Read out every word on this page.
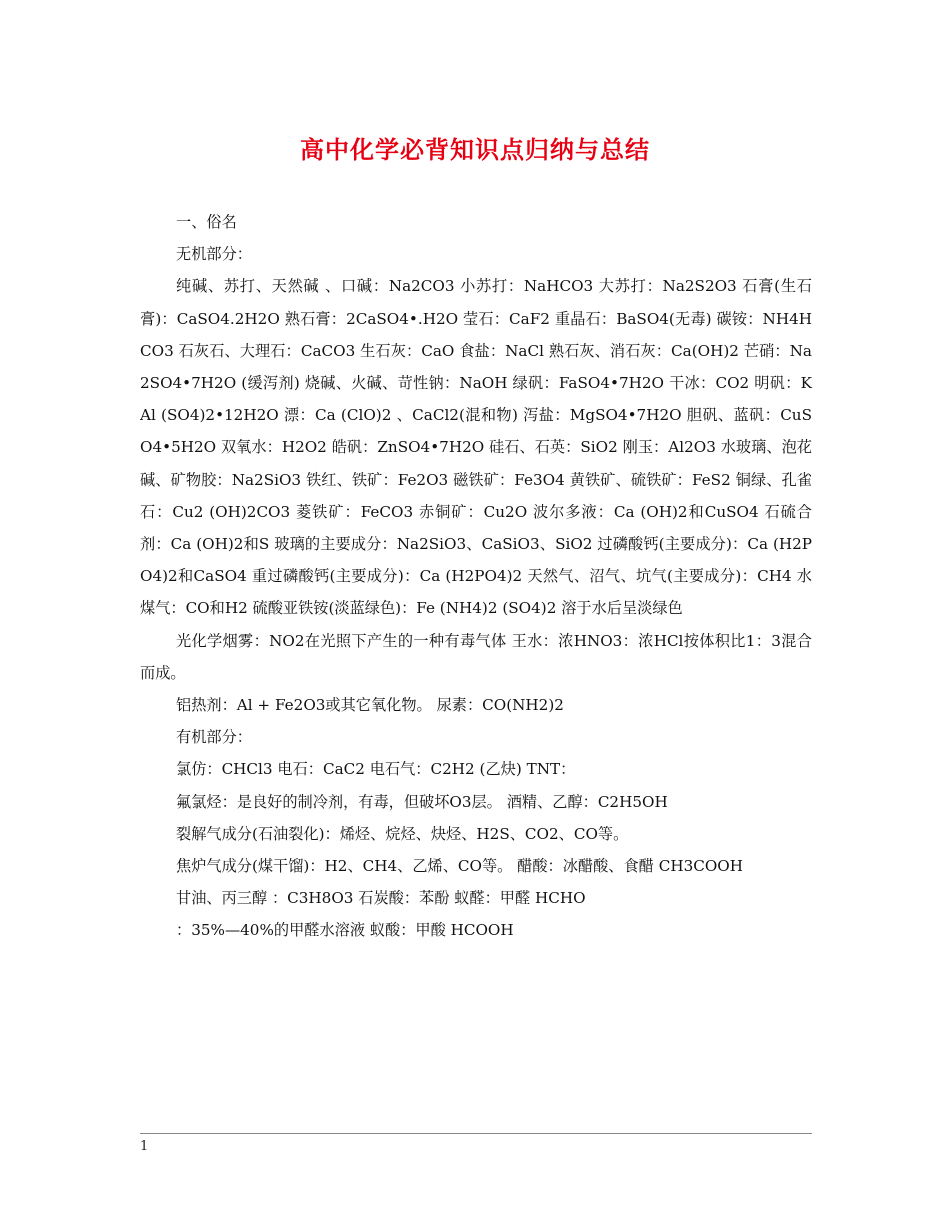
高中化学必背知识点归纳与总结

一、俗名

无机部分：

纯碱、苏打、天然碱 、口碱：Na2CO3 小苏打：NaHCO3 大苏打：Na2S2O3 石膏(生石膏)：CaSO4.2H2O 熟石膏：2CaSO4•.H2O 莹石：CaF2 重晶石：BaSO4(无毒) 碳铵：NH4HCO3 石灰石、大理石：CaCO3 生石灰：CaO 食盐：NaCl 熟石灰、消石灰：Ca(OH)2 芒硝：Na2SO4•7H2O (缓泻剂) 烧碱、火碱、苛性钠：NaOH 绿矾：FaSO4•7H2O 干冰：CO2 明矾：KAl (SO4)2•12H2O 漂：Ca (ClO)2 、CaCl2(混和物) 泻盐：MgSO4•7H2O 胆矾、蓝矾：CuSO4•5H2O 双氧水：H2O2 皓矾：ZnSO4•7H2O 硅石、石英：SiO2 刚玉：Al2O3 水玻璃、泡花碱、矿物胶：Na2SiO3 铁红、铁矿：Fe2O3 磁铁矿：Fe3O4 黄铁矿、硫铁矿：FeS2 铜绿、孔雀石：Cu2 (OH)2CO3 菱铁矿：FeCO3 赤铜矿：Cu2O 波尔多液：Ca (OH)2和CuSO4 石硫合剂：Ca (OH)2和S 玻璃的主要成分：Na2SiO3、CaSiO3、SiO2 过磷酸钙(主要成分)：Ca (H2PO4)2和CaSO4 重过磷酸钙(主要成分)：Ca (H2PO4)2 天然气、沼气、坑气(主要成分)：CH4 水煤气：CO和H2 硫酸亚铁铵(淡蓝绿色)：Fe (NH4)2 (SO4)2 溶于水后呈淡绿色

光化学烟雾：NO2在光照下产生的一种有毒气体 王水：浓HNO3：浓HCl按体积比1：3混合而成。

铝热剂：Al + Fe2O3或其它氧化物。 尿素：CO(NH2)2

有机部分：

氯仿：CHCl3 电石：CaC2 电石气：C2H2 (乙炔) TNT：

氟氯烃：是良好的制冷剂，有毒，但破坏O3层。 酒精、乙醇：C2H5OH

裂解气成分(石油裂化)：烯烃、烷烃、炔烃、H2S、CO2、CO等。

焦炉气成分(煤干馏)：H2、CH4、乙烯、CO等。 醋酸：冰醋酸、食醋 CH3COOH

甘油、丙三醇 ：C3H8O3 石炭酸：苯酚 蚁醛：甲醛 HCHO

：35%—40%的甲醛水溶液 蚁酸：甲酸 HCOOH

1
